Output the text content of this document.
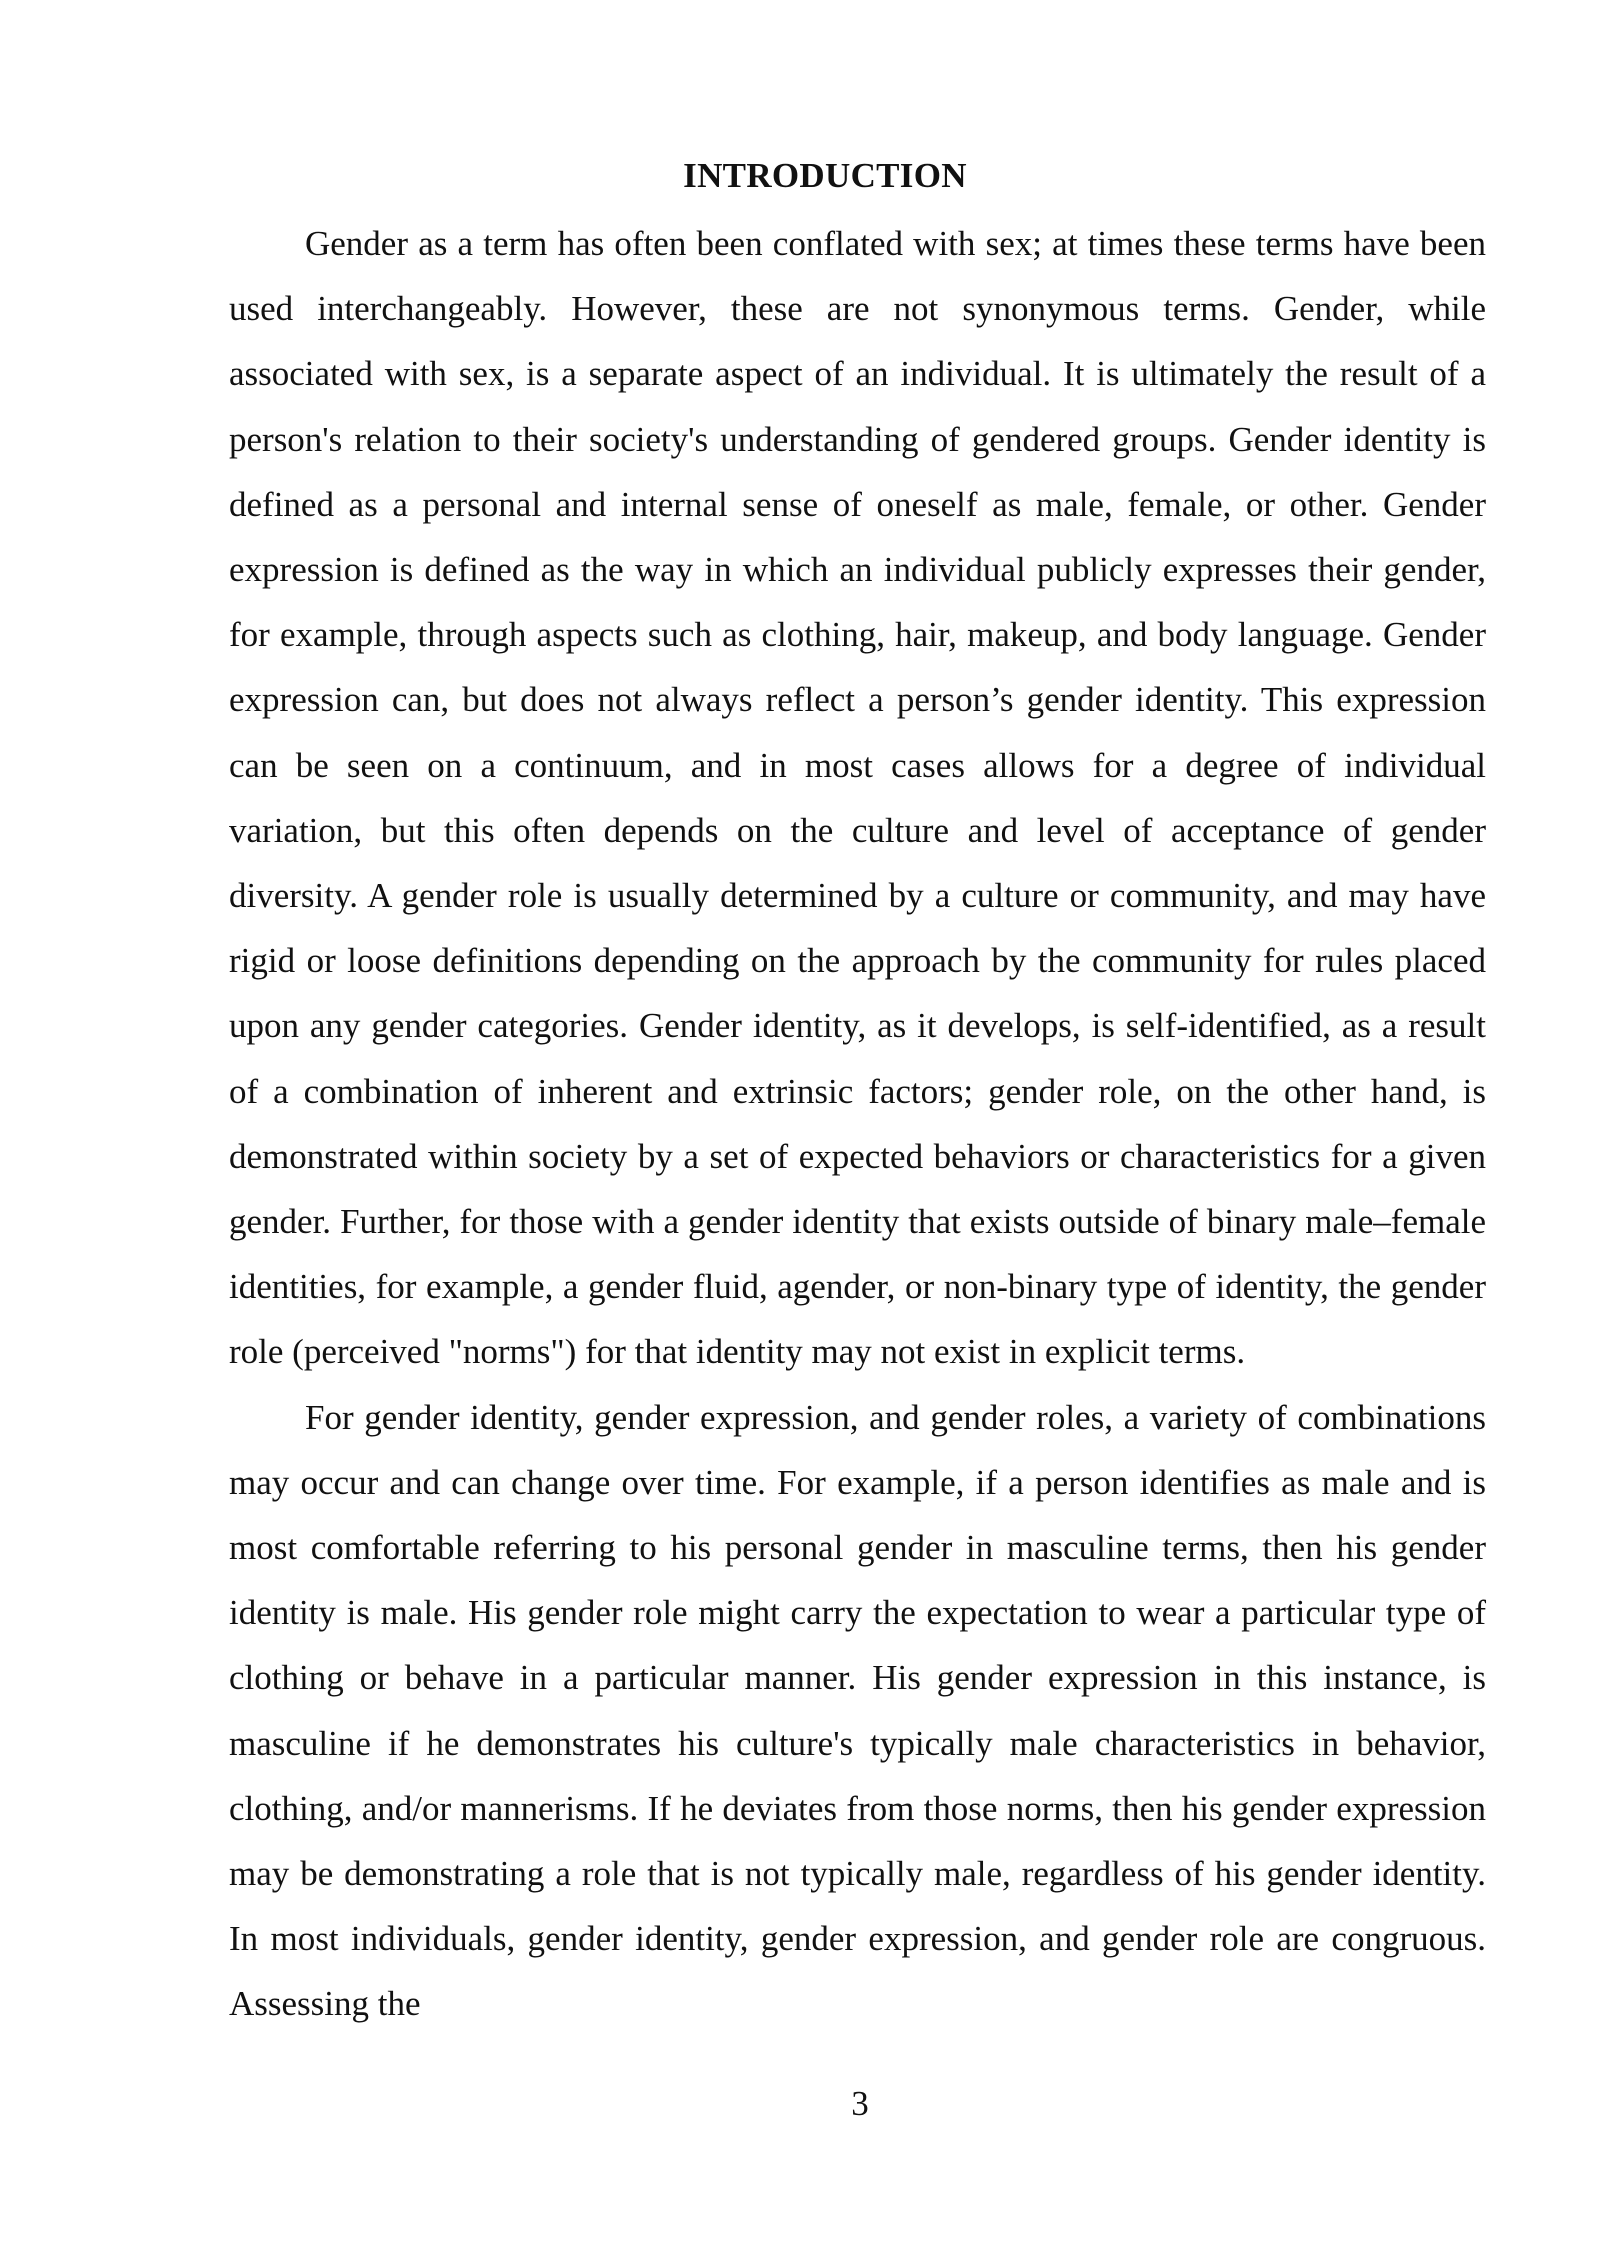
INTRODUCTION

Gender as a term has often been conflated with sex; at times these terms have been used interchangeably. However, these are not synonymous terms. Gender, while associated with sex, is a separate aspect of an individual. It is ultimately the result of a person's relation to their society's understanding of gendered groups. Gender identity is defined as a personal and internal sense of oneself as male, female, or other. Gender expression is defined as the way in which an individual publicly expresses their gender, for example, through aspects such as clothing, hair, makeup, and body language. Gender expression can, but does not always reflect a person’s gender identity. This expression can be seen on a continuum, and in most cases allows for a degree of individual variation, but this often depends on the culture and level of acceptance of gender diversity. A gender role is usually determined by a culture or community, and may have rigid or loose definitions depending on the approach by the community for rules placed upon any gender categories. Gender identity, as it develops, is self-identified, as a result of a combination of inherent and extrinsic factors; gender role, on the other hand, is demonstrated within society by a set of expected behaviors or characteristics for a given gender. Further, for those with a gender identity that exists outside of binary male–female identities, for example, a gender fluid, agender, or non-binary type of identity, the gender role (perceived "norms") for that identity may not exist in explicit terms.

For gender identity, gender expression, and gender roles, a variety of combinations may occur and can change over time. For example, if a person identifies as male and is most comfortable referring to his personal gender in masculine terms, then his gender identity is male. His gender role might carry the expectation to wear a particular type of clothing or behave in a particular manner. His gender expression in this instance, is masculine if he demonstrates his culture's typically male characteristics in behavior, clothing, and/or mannerisms. If he deviates from those norms, then his gender expression may be demonstrating a role that is not typically male, regardless of his gender identity. In most individuals, gender identity, gender expression, and gender role are congruous. Assessing the

3
